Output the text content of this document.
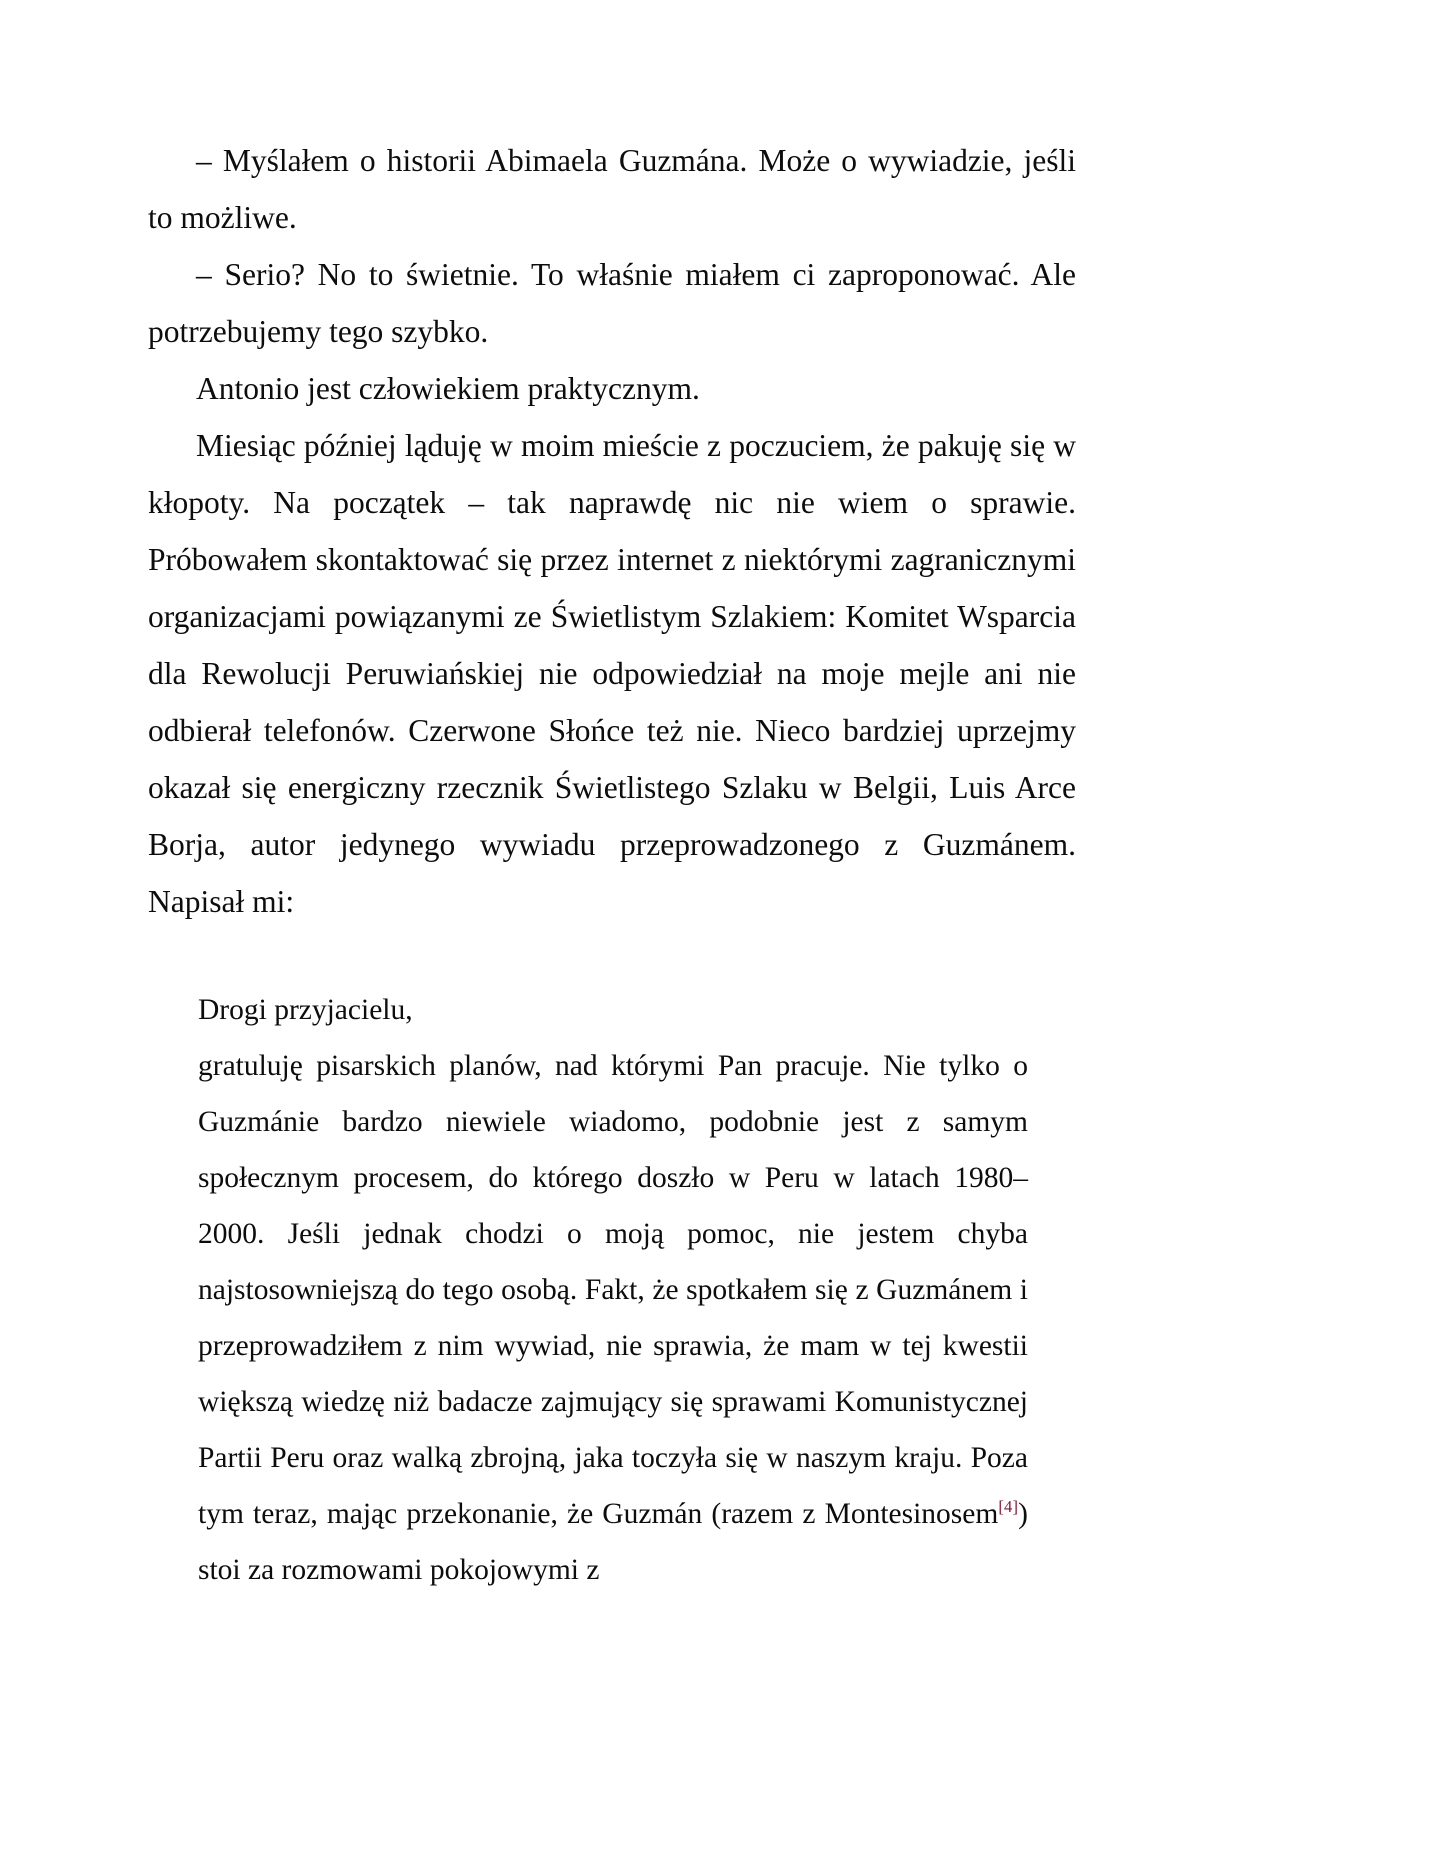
– Myślałem o historii Abimaela Guzmána. Może o wywiadzie, jeśli to możliwe.

– Serio? No to świetnie. To właśnie miałem ci zaproponować. Ale potrzebujemy tego szybko.

Antonio jest człowiekiem praktycznym.

Miesiąc później ląduję w moim mieście z poczuciem, że pakuję się w kłopoty. Na początek – tak naprawdę nic nie wiem o sprawie. Próbowałem skontaktować się przez internet z niektórymi zagranicznymi organizacjami powiązanymi ze Świetlistym Szlakiem: Komitet Wsparcia dla Rewolucji Peruwiańskiej nie odpowiedział na moje mejle ani nie odbierał telefonów. Czerwone Słońce też nie. Nieco bardziej uprzejmy okazał się energiczny rzecznik Świetlistego Szlaku w Belgii, Luis Arce Borja, autor jedynego wywiadu przeprowadzonego z Guzmánem. Napisał mi:

Drogi przyjacielu,

gratuluję pisarskich planów, nad którymi Pan pracuje. Nie tylko o Guzmánie bardzo niewiele wiadomo, podobnie jest z samym społecznym procesem, do którego doszło w Peru w latach 1980–2000. Jeśli jednak chodzi o moją pomoc, nie jestem chyba najstosowniejszą do tego osobą. Fakt, że spotkałem się z Guzmánem i przeprowadziłem z nim wywiad, nie sprawia, że mam w tej kwestii większą wiedzę niż badacze zajmujący się sprawami Komunistycznej Partii Peru oraz walką zbrojną, jaka toczyła się w naszym kraju. Poza tym teraz, mając przekonanie, że Guzmán (razem z Montesinosem[4]) stoi za rozmowami pokojowymi z
